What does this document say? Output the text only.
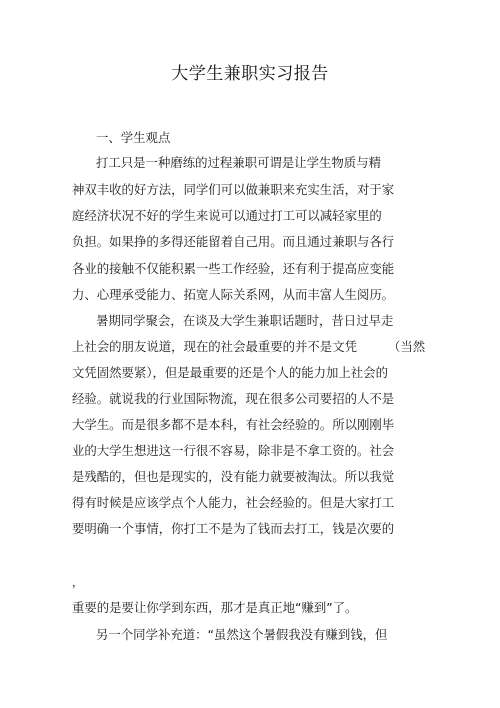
大学生兼职实习报告
一、学生观点
打工只是一种磨练的过程兼职可谓是让学生物质与精
神双丰收的好方法，同学们可以做兼职来充实生活，对于家
庭经济状况不好的学生来说可以通过打工可以减轻家里的
负担。如果挣的多得还能留着自己用。而且通过兼职与各行
各业的接触不仅能积累一些工作经验，还有利于提高应变能
力、心理承受能力、拓宽人际关系网，从而丰富人生阅历。
暑期同学聚会，在谈及大学生兼职话题时，昔日过早走
上社会的朋友说道，现在的社会最重要的并不是文凭	（当然
文凭固然要紧），但是最重要的还是个人的能力加上社会的
经验。就说我的行业国际物流，现在很多公司要招的人不是
大学生。而是很多都不是本科，有社会经验的。所以刚刚毕
业的大学生想进这一行很不容易，除非是不拿工资的。社会
是残酷的，但也是现实的，没有能力就要被淘汰。所以我觉
得有时候是应该学点个人能力，社会经验的。但是大家打工
要明确一个事情，你打工不是为了钱而去打工，钱是次要的
，
重要的是要让你学到东西，那才是真正地“赚到”了。
另一个同学补充道：“虽然这个暑假我没有赚到钱，但
